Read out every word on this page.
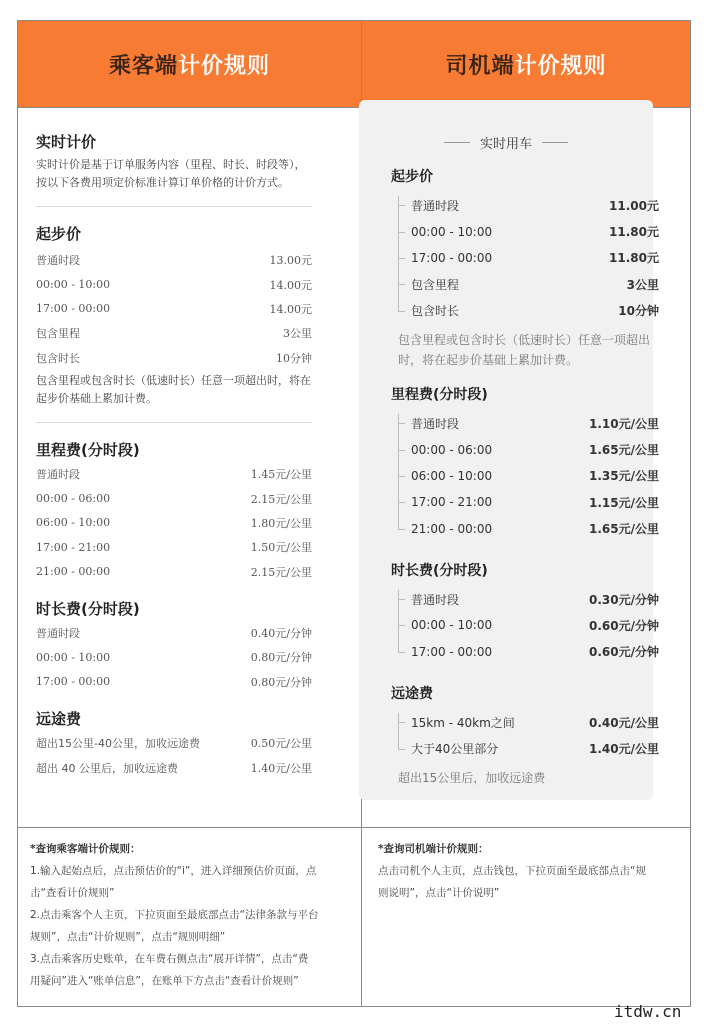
乘客端 计价规则	司机端 计价规则
实时计价
实时计价是基于订单服务内容（里程、时长、时段等），按以下各费用项定价标准计算订单价格的计价方式。
起步价
普通时段	13.00元
00:00 - 10:00	14.00元
17:00 - 00:00	14.00元
包含里程	3公里
包含时长	10分钟
包含里程或包含时长（低速时长）任意一项超出时，将在起步价基础上累加计费。
里程费(分时段)
普通时段	1.45元/公里
00:00 - 06:00	2.15元/公里
06:00 - 10:00	1.80元/公里
17:00 - 21:00	1.50元/公里
21:00 - 00:00	2.15元/公里
时长费(分时段)
普通时段	0.40元/分钟
00:00 - 10:00	0.80元/分钟
17:00 - 00:00	0.80元/分钟
远途费
超出15公里-40公里，加收远途费	0.50元/公里
超出 40 公里后，加收远途费	1.40元/公里
实时用车
起步价
普通时段	11.00元
00:00 - 10:00	11.80元
17:00 - 00:00	11.80元
包含里程	3公里
包含时长	10分钟
包含里程或包含时长（低速时长）任意一项超出时，将在起步价基础上累加计费。
里程费(分时段)
普通时段	1.10元/公里
00:00 - 06:00	1.65元/公里
06:00 - 10:00	1.35元/公里
17:00 - 21:00	1.15元/公里
21:00 - 00:00	1.65元/公里
时长费(分时段)
普通时段	0.30元/分钟
00:00 - 10:00	0.60元/分钟
17:00 - 00:00	0.60元/分钟
远途费
15km - 40km之间	0.40元/公里
大于40公里部分	1.40元/公里
超出15公里后，加收远途费
*查询乘客端计价规则：
1.输入起始点后，点击预估价的“i”，进入详细预估价页面，点
击“查看计价规则”
2.点击乘客个人主页，下拉页面至最底部点击“法律条款与平台
规则”，点击“计价规则”，点击“规则明细”
3.点击乘客历史账单，在车费右侧点击“展开详情”，点击“费
用疑问”进入“账单信息”，在账单下方点击“查看计价规则”
*查询司机端计价规则：
点击司机个人主页，点击钱包，下拉页面至最底部点击“规
则说明”，点击“计价说明”
itdw.cn
